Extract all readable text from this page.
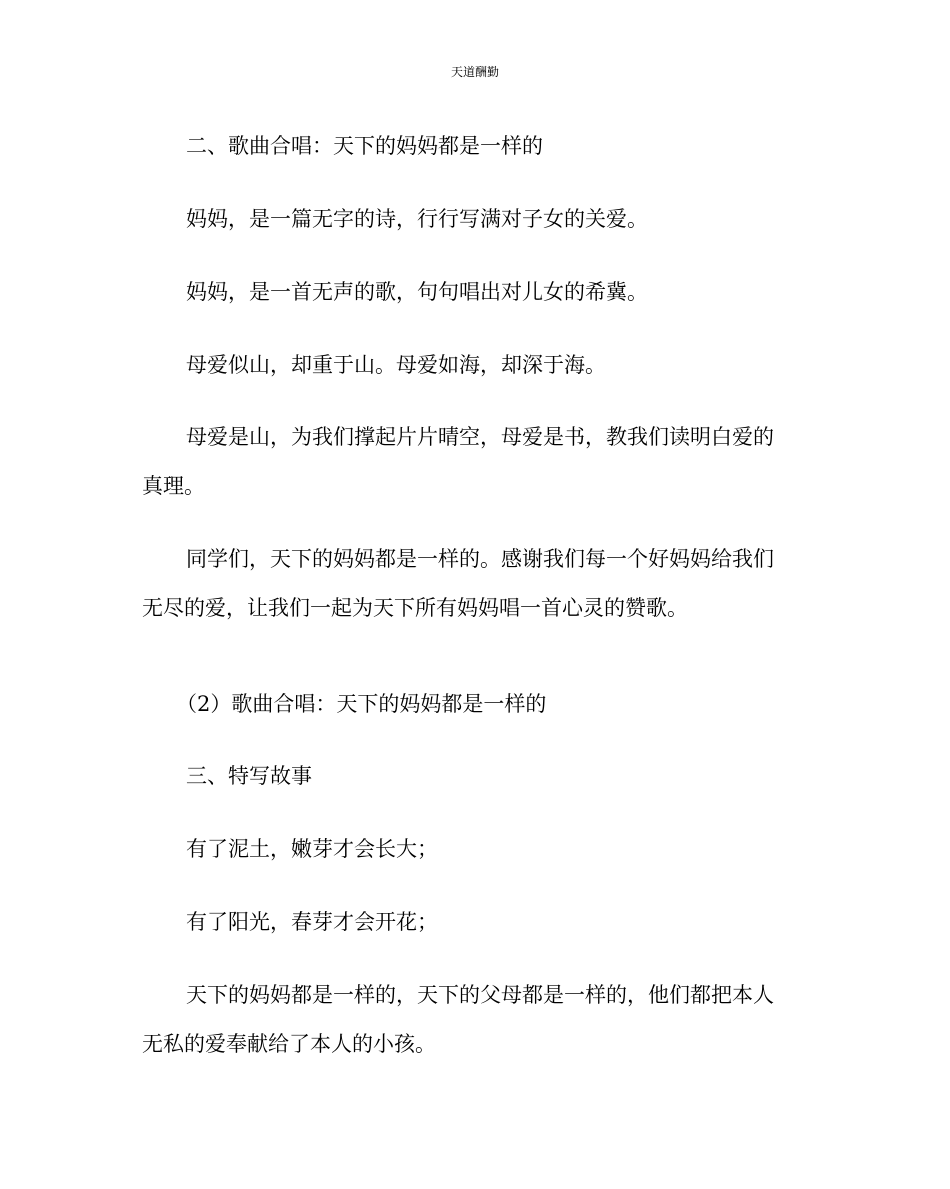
天道酬勤
二、歌曲合唱：天下的妈妈都是一样的
妈妈，是一篇无字的诗，行行写满对子女的关爱。
妈妈，是一首无声的歌，句句唱出对儿女的希冀。
母爱似山，却重于山。母爱如海，却深于海。
母爱是山，为我们撑起片片晴空，母爱是书，教我们读明白爱的
真理。
同学们，天下的妈妈都是一样的。感谢我们每一个好妈妈给我们
无尽的爱，让我们一起为天下所有妈妈唱一首心灵的赞歌。
（2）歌曲合唱：天下的妈妈都是一样的
三、特写故事
有了泥土，嫩芽才会长大；
有了阳光，春芽才会开花；
天下的妈妈都是一样的，天下的父母都是一样的，他们都把本人
无私的爱奉献给了本人的小孩。
